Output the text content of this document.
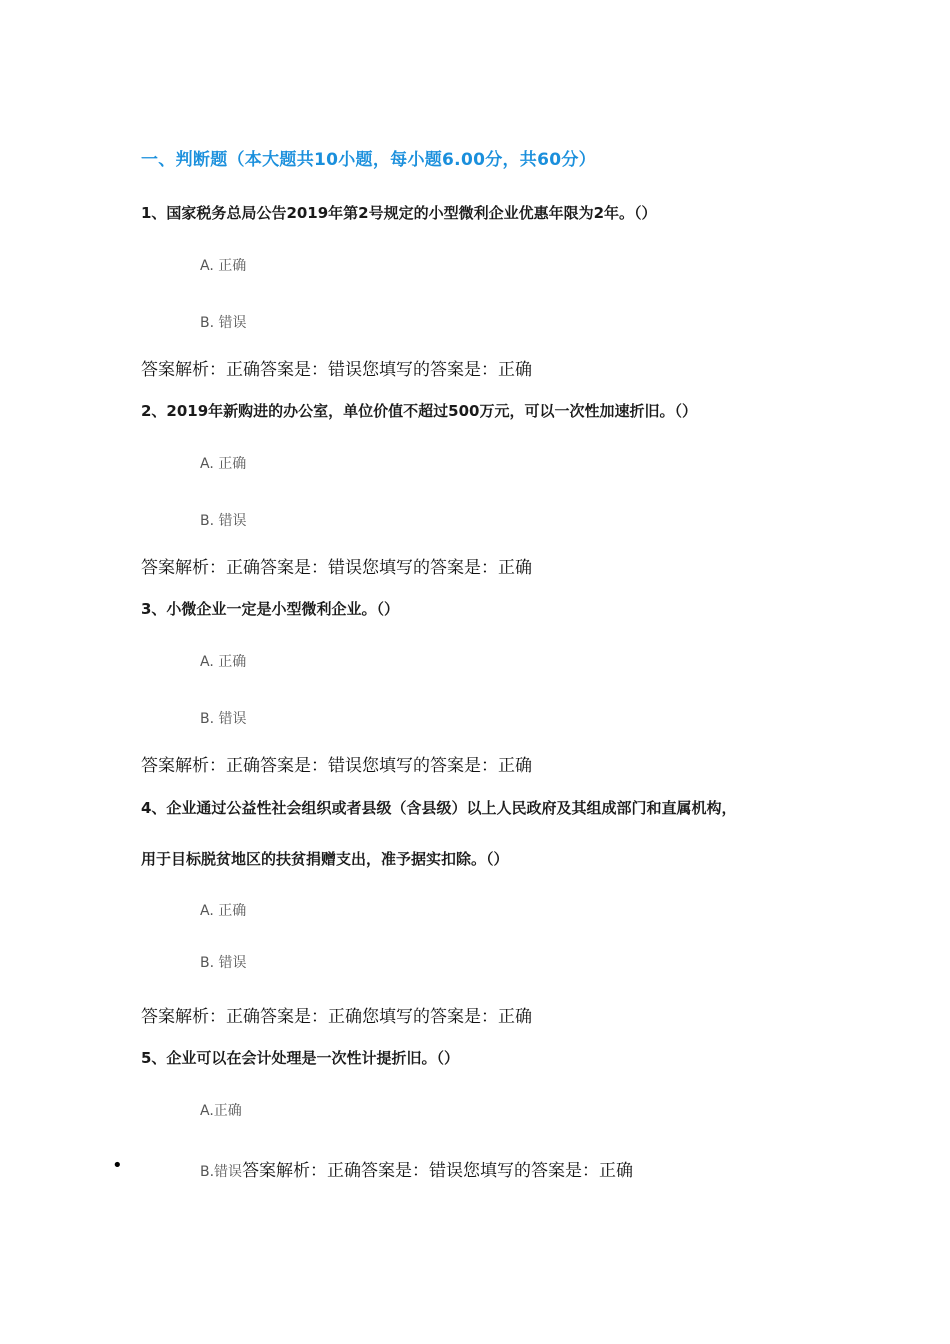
一、判断题（本大题共10小题，每小题6.00分，共60分）
1、国家税务总局公告2019年第2号规定的小型微利企业优惠年限为2年。（）
A. 正确
B. 错误
答案解析：正确答案是：错误您填写的答案是：正确
2、2019年新购进的办公室，单位价值不超过500万元，可以一次性加速折旧。（）
A. 正确
B. 错误
答案解析：正确答案是：错误您填写的答案是：正确
3、小微企业一定是小型微利企业。（）
A. 正确
B. 错误
答案解析：正确答案是：错误您填写的答案是：正确
4、企业通过公益性社会组织或者县级（含县级）以上人民政府及其组成部门和直属机构，
用于目标脱贫地区的扶贫捐赠支出，准予据实扣除。（）
A. 正确
B. 错误
答案解析：正确答案是：正确您填写的答案是：正确
5、企业可以在会计处理是一次性计提折旧。（）
A.正确
•	B.错误答案解析：正确答案是：错误您填写的答案是：正确
